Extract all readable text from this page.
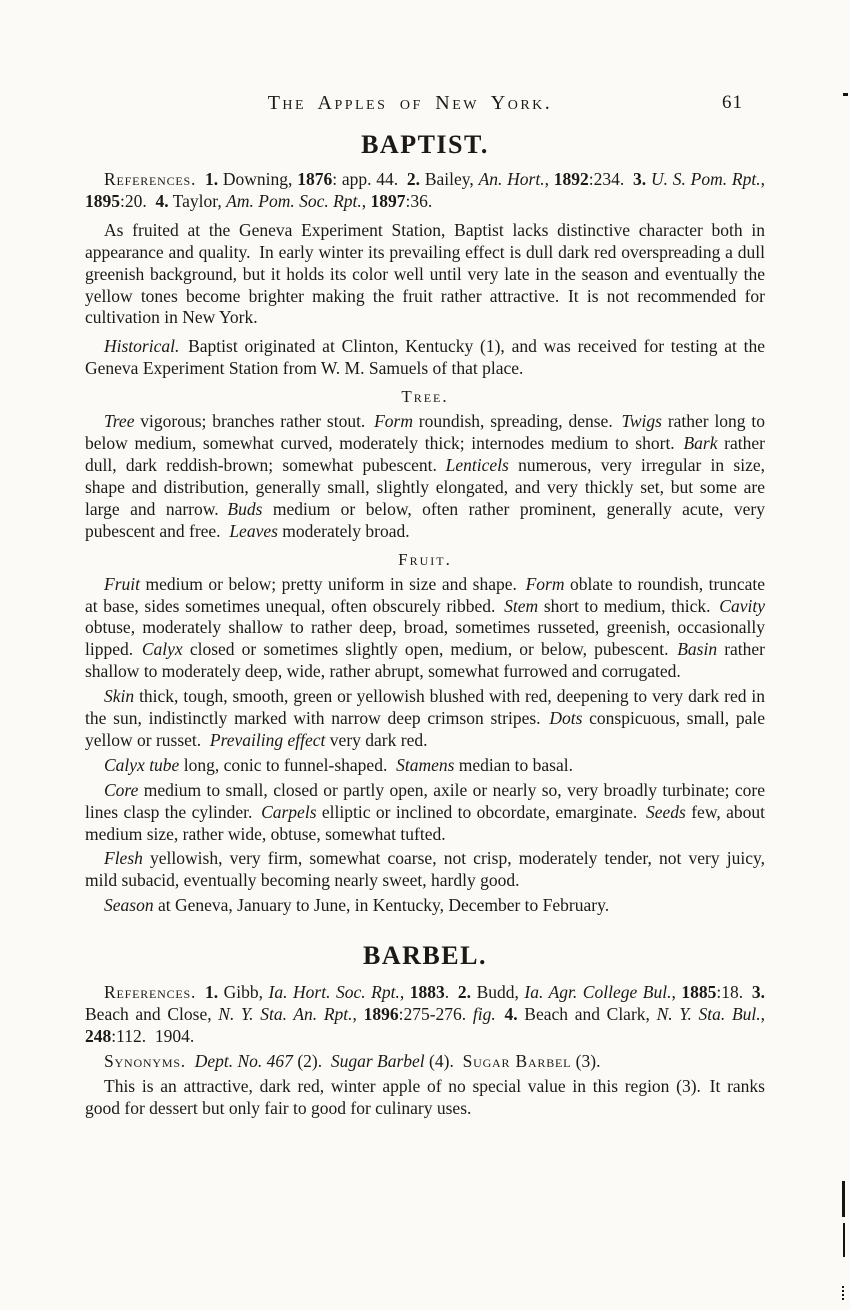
The Apples of New York.	61
BAPTIST.

References.  1. Downing, 1876: app. 44. 2. Bailey, An. Hort., 1892:234. 3. U. S. Pom. Rpt., 1895:20. 4. Taylor, Am. Pom. Soc. Rpt., 1897:36.

As fruited at the Geneva Experiment Station, Baptist lacks distinctive character both in appearance and quality. In early winter its prevailing effect is dull dark red overspreading a dull greenish background, but it holds its color well until very late in the season and eventually the yellow tones become brighter making the fruit rather attractive. It is not recommended for cultivation in New York.

Historical. Baptist originated at Clinton, Kentucky (1), and was received for testing at the Geneva Experiment Station from W. M. Samuels of that place.

Tree.

Tree vigorous; branches rather stout. Form roundish, spreading, dense. Twigs rather long to below medium, somewhat curved, moderately thick; internodes medium to short. Bark rather dull, dark reddish-brown; somewhat pubescent. Lenticels numerous, very irregular in size, shape and distribution, generally small, slightly elongated, and very thickly set, but some are large and narrow. Buds medium or below, often rather prominent, generally acute, very pubescent and free. Leaves moderately broad.

Fruit.

Fruit medium or below; pretty uniform in size and shape. Form oblate to roundish, truncate at base, sides sometimes unequal, often obscurely ribbed. Stem short to medium, thick. Cavity obtuse, moderately shallow to rather deep, broad, sometimes russeted, greenish, occasionally lipped. Calyx closed or sometimes slightly open, medium, or below, pubescent. Basin rather shallow to moderately deep, wide, rather abrupt, somewhat furrowed and corrugated.

Skin thick, tough, smooth, green or yellowish blushed with red, deepening to very dark red in the sun, indistinctly marked with narrow deep crimson stripes. Dots conspicuous, small, pale yellow or russet. Prevailing effect very dark red.

Calyx tube long, conic to funnel-shaped. Stamens median to basal.

Core medium to small, closed or partly open, axile or nearly so, very broadly turbinate; core lines clasp the cylinder. Carpels elliptic or inclined to obcordate, emarginate. Seeds few, about medium size, rather wide, obtuse, somewhat tufted.

Flesh yellowish, very firm, somewhat coarse, not crisp, moderately tender, not very juicy, mild subacid, eventually becoming nearly sweet, hardly good.

Season at Geneva, January to June, in Kentucky, December to February.

BARBEL.

References.  1. Gibb, Ia. Hort. Soc. Rpt., 1883. 2. Budd, Ia. Agr. College Bul., 1885:18. 3. Beach and Close, N. Y. Sta. An. Rpt., 1896:275-276. fig.  4. Beach and Clark, N. Y. Sta. Bul., 248:112. 1904.

Synonyms.  Dept. No. 467 (2). Sugar Barbel (4). Sugar Barbel (3).

This is an attractive, dark red, winter apple of no special value in this region (3). It ranks good for dessert but only fair to good for culinary uses.
